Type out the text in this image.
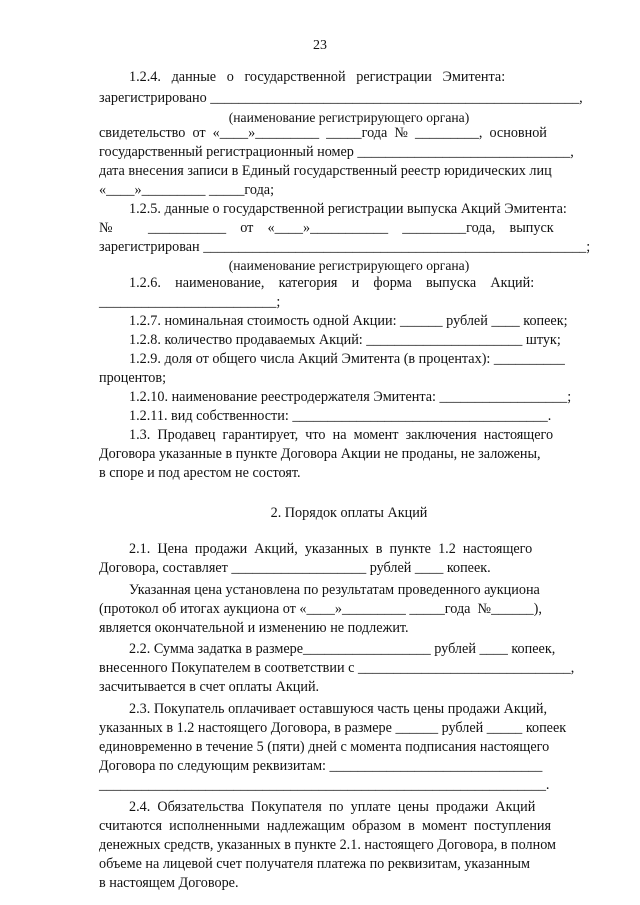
23
1.2.4.   данные   о   государственной   регистрации   Эмитента:
зарегистрировано ____________________________________________________,
(наименование регистрирующего органа)
свидетельство  от  «____»_________  _____года  №  _________,  основной
государственный регистрационный номер ______________________________,
дата внесения записи в Единый государственный реестр юридических лиц
«____»_________ _____года;
1.2.5. данные о государственной регистрации выпуска Акций Эмитента:
№          ___________    от    «____»___________    _________года,    выпуск
зарегистрирован ______________________________________________________;
(наименование регистрирующего органа)
1.2.6.    наименование,    категория    и    форма    выпуска    Акций:
_________________________;
1.2.7. номинальная стоимость одной Акции: ______ рублей ____ копеек;
1.2.8. количество продаваемых Акций: ______________________ штук;
1.2.9. доля от общего числа Акций Эмитента (в процентах): __________
процентов;
1.2.10. наименование реестродержателя Эмитента: __________________;
1.2.11. вид собственности: ____________________________________.
1.3.  Продавец  гарантирует,  что  на  момент  заключения  настоящего
Договора указанные в пункте Договора Акции не проданы, не заложены,
в споре и под арестом не состоят.
2. Порядок оплаты Акций
2.1.  Цена  продажи  Акций,  указанных  в  пункте  1.2  настоящего
Договора, составляет ___________________ рублей ____ копеек.
Указанная цена установлена по результатам проведенного аукциона
(протокол об итогах аукциона от «____»_________ _____года  №______),
является окончательной и изменению не подлежит.
2.2. Сумма задатка в размере__________________ рублей ____ копеек,
внесенного Покупателем в соответствии с ______________________________,
засчитывается в счет оплаты Акций.
2.3. Покупатель оплачивает оставшуюся часть цены продажи Акций,
указанных в 1.2 настоящего Договора, в размере ______ рублей _____ копеек
единовременно в течение 5 (пяти) дней с момента подписания настоящего
Договора по следующим реквизитам: ______________________________
_______________________________________________________________.
2.4.  Обязательства  Покупателя  по  уплате  цены  продажи  Акций
считаются  исполненными  надлежащим  образом  в  момент  поступления
денежных средств, указанных в пункте 2.1. настоящего Договора, в полном
объеме на лицевой счет получателя платежа по реквизитам, указанным
в настоящем Договоре.
